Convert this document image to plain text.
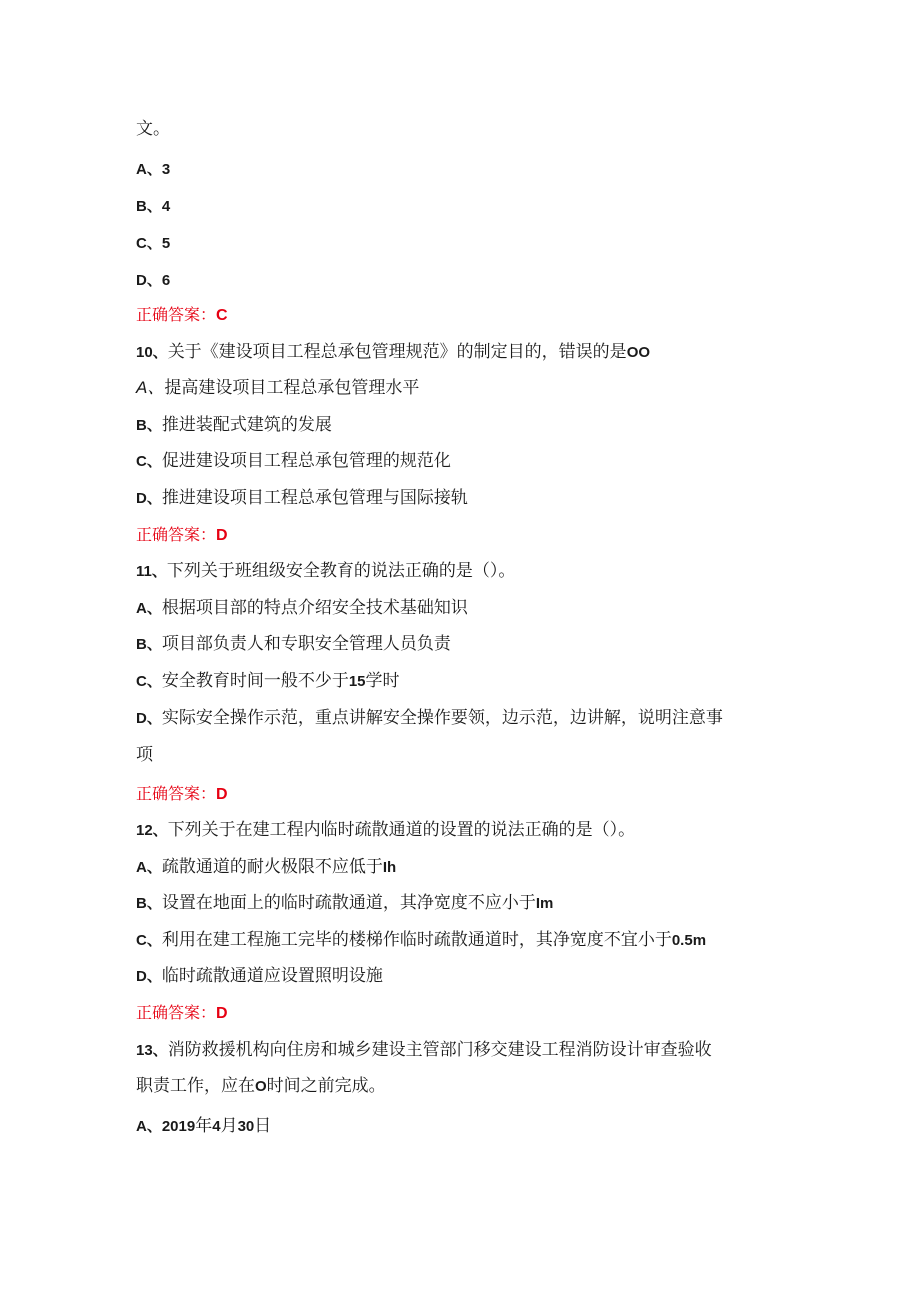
文。
A、3
B、4
C、5
D、6
正确答案：C
10、关于《建设项目工程总承包管理规范》的制定目的，错误的是OO
A、提高建设项目工程总承包管理水平
B、推进装配式建筑的发展
C、促进建设项目工程总承包管理的规范化
D、推进建设项目工程总承包管理与国际接轨
正确答案：D
11、下列关于班组级安全教育的说法正确的是（）。
A、根据项目部的特点介绍安全技术基础知识
B、项目部负责人和专职安全管理人员负责
C、安全教育时间一般不少于15学时
D、实际安全操作示范，重点讲解安全操作要领，边示范，边讲解，说明注意事
项
正确答案：D
12、下列关于在建工程内临时疏散通道的设置的说法正确的是（）。
A、疏散通道的耐火极限不应低于Ih
B、设置在地面上的临时疏散通道，其净宽度不应小于Im
C、利用在建工程施工完毕的楼梯作临时疏散通道时，其净宽度不宜小于0.5m
D、临时疏散通道应设置照明设施
正确答案：D
13、消防救援机构向住房和城乡建设主管部门移交建设工程消防设计审查验收
职责工作，应在O时间之前完成。
A、2019年4月30日
